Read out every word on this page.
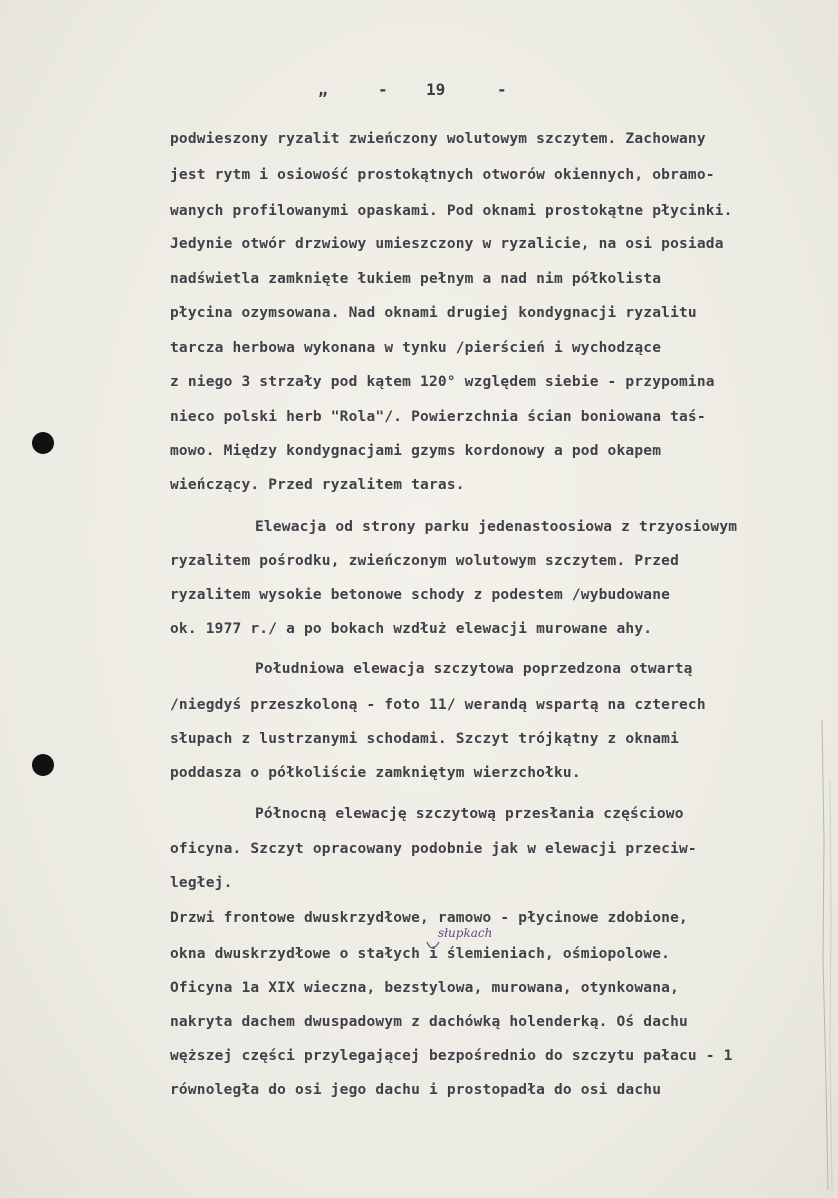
„	- 19	-
podwieszony ryzalit zwieńczony wolutowym szczytem. Zachowany
jest rytm i osiowość prostokątnych otworów okiennych, obramo-
wanych profilowanymi opaskami. Pod oknami prostokątne płycinki.
Jedynie otwór drzwiowy umieszczony w ryzalicie, na osi posiada
nadświetla zamknięte łukiem pełnym a nad nim półkolista
płycina ozymsowana. Nad oknami drugiej kondygnacji ryzalitu
tarcza herbowa wykonana w tynku /pierścień i wychodzące
z niego 3 strzały pod kątem 120° względem siebie - przypomina
nieco polski herb "Rola"/. Powierzchnia ścian boniowana taś-
mowo. Między kondygnacjami gzyms kordonowy a pod okapem
wieńczący. Przed ryzalitem taras.
Elewacja od strony parku jedenastoosiowa z trzyosiowym
ryzalitem pośrodku, zwieńczonym wolutowym szczytem. Przed
ryzalitem wysokie betonowe schody z podestem /wybudowane
ok. 1977 r./ a po bokach wzdłuż elewacji murowane ahy.
Południowa elewacja szczytowa poprzedzona otwartą
/niegdyś przeszkoloną - foto 11/ werandą wspartą na czterech
słupach z lustrzanymi schodami. Szczyt trójkątny z oknami
poddasza o półkoliście zamkniętym wierzchołku.
Północną elewację szczytową przesłania częściowo
oficyna. Szczyt opracowany podobnie jak w elewacji przeciw-
ległej.
Drzwi frontowe dwuskrzydłowe, ramowo - płycinowe zdobione,
okna dwuskrzydłowe o stałych i ślemieniach, ośmiopolowe.
Oficyna 1a XIX wieczna, bezstylowa, murowana, otynkowana,
nakryta dachem dwuspadowym z dachówką holenderką. Oś dachu
węższej części przylegającej bezpośrednio do szczytu pałacu - 1
równoległa do osi jego dachu i prostopadła do osi dachu
słupkach
